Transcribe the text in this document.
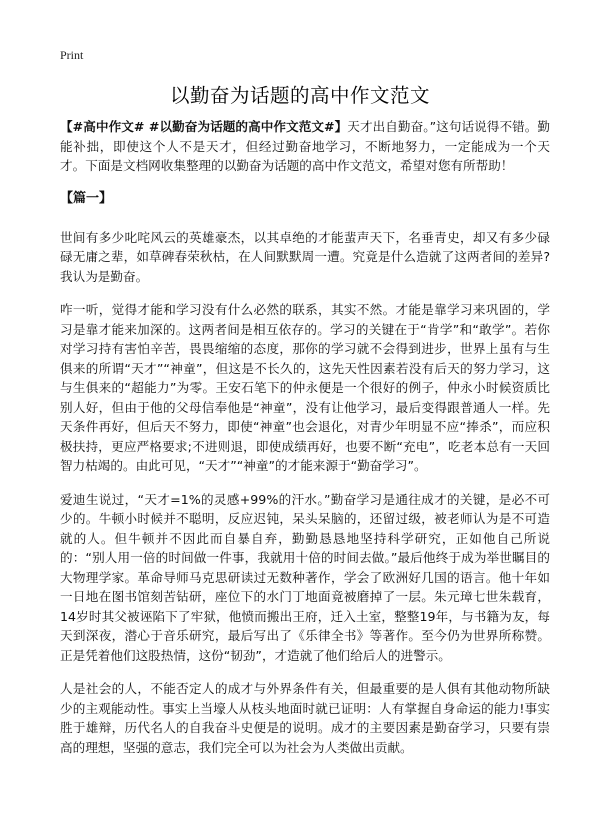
Print
以勤奋为话题的高中作文范文

【#高中作文# #以勤奋为话题的高中作文范文#】天才出自勤奋。”这句话说得不错。勤能补拙，即使这个人不是天才，但经过勤奋地学习，不断地努力，一定能成为一个天才。下面是文档网收集整理的以勤奋为话题的高中作文范文，希望对您有所帮助！

【篇一】

世间有多少叱咤风云的英雄豪杰，以其卓绝的才能蜚声天下，名垂青史，却又有多少碌碌无庸之辈，如草碑春荣秋枯，在人间默默周一遭。究竟是什么造就了这两者间的差异?我认为是勤奋。

咋一听，觉得才能和学习没有什么必然的联系，其实不然。才能是靠学习来巩固的，学习是靠才能来加深的。这两者间是相互依存的。学习的关键在于“肯学”和“敢学”。若你对学习持有害怕辛苦，畏畏缩缩的态度，那你的学习就不会得到进步，世界上虽有与生俱来的所谓“天才”“神童”，但这是不长久的，这先天性因素若没有后天的努力学习，这与生俱来的“超能力”为零。王安石笔下的仲永便是一个很好的例子，仲永小时候资质比别人好，但由于他的父母信奉他是“神童”，没有让他学习，最后变得跟普通人一样。先天条件再好，但后天不努力，即使“神童”也会退化，对青少年明显不应“捧杀”，而应积极扶持，更应严格要求;不进则退，即使成绩再好，也要不断“充电”，吃老本总有一天回智力枯竭的。由此可见，“天才”“神童”的才能来源于“勤奋学习”。

爱迪生说过，“天才=1%的灵感+99%的汗水。”勤奋学习是通往成才的关键，是必不可少的。牛顿小时候并不聪明，反应迟钝，呆头呆脑的，还留过级，被老师认为是不可造就的人。但牛顿并不因此而自暴自弃，勤勤恳恳地坚持科学研究，正如他自己所说的：“别人用一倍的时间做一件事，我就用十倍的时间去做。”最后他终于成为举世瞩目的大物理学家。革命导师马克思研读过无数种著作，学会了欧洲好几国的语言。他十年如一日地在图书馆刻苦钻研，座位下的水门丁地面竟被磨掉了一层。朱元璋七世朱载育，14岁时其父被诬陷下了牢狱，他愤而搬出王府，迁入土室，整整19年，与书籍为友，每天到深夜，潜心于音乐研究，最后写出了《乐律全书》等著作。至今仍为世界所称赞。正是凭着他们这股热情，这份“韧劲”，才造就了他们给后人的进警示。

人是社会的人，不能否定人的成才与外界条件有关，但最重要的是人俱有其他动物所缺少的主观能动性。事实上当壕人从枝头地面时就已证明：人有掌握自身命运的能力!事实胜于雄辩，历代名人的自我奋斗史便是的说明。成才的主要因素是勤奋学习，只要有崇高的理想，坚强的意志，我们完全可以为社会为人类做出贡献。
